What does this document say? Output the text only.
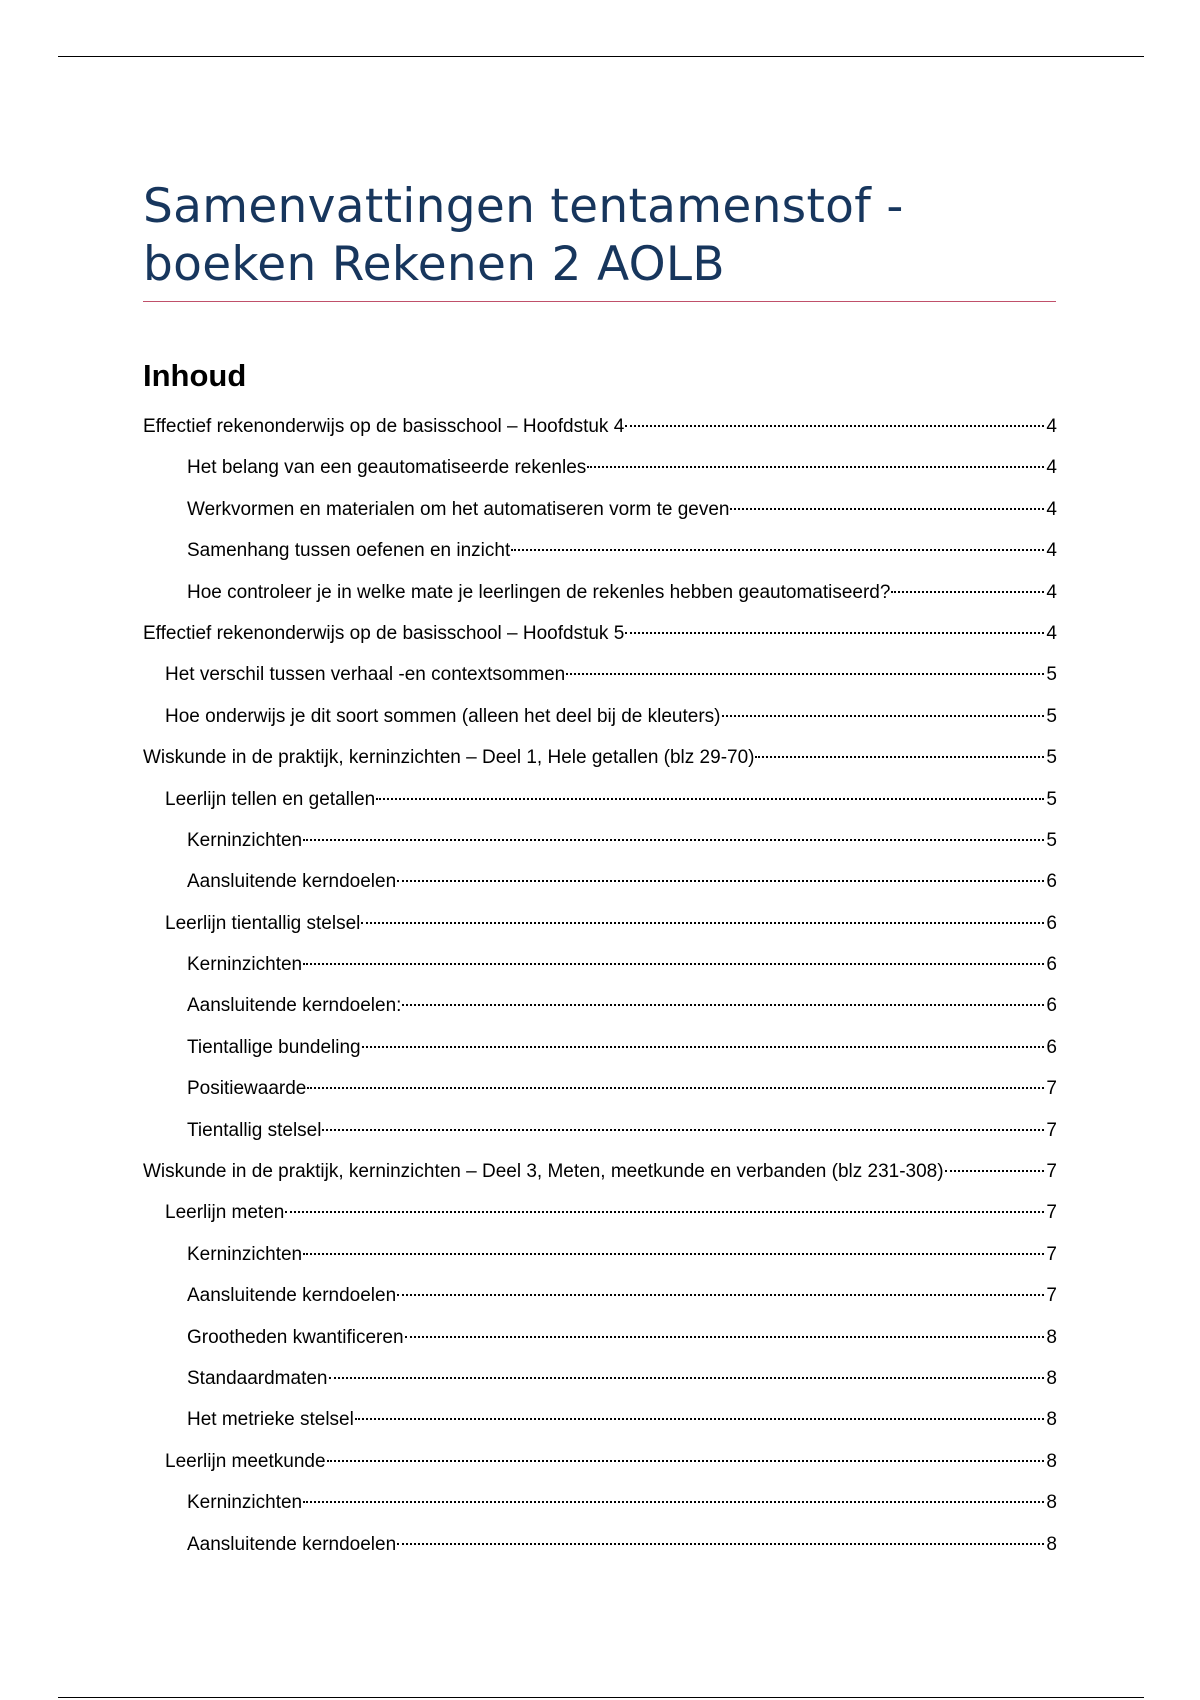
Samenvattingen tentamenstof -
boeken Rekenen 2 AOLB
Inhoud
Effectief rekenonderwijs op de basisschool – Hoofdstuk 4	4
Het belang van een geautomatiseerde rekenles	4
Werkvormen en materialen om het automatiseren vorm te geven	4
Samenhang tussen oefenen en inzicht	4
Hoe controleer je in welke mate je leerlingen de rekenles hebben geautomatiseerd?	4
Effectief rekenonderwijs op de basisschool – Hoofdstuk 5	4
Het verschil tussen verhaal -en contextsommen	5
Hoe onderwijs je dit soort sommen (alleen het deel bij de kleuters)	5
Wiskunde in de praktijk, kerninzichten – Deel 1, Hele getallen (blz 29-70)	5
Leerlijn tellen en getallen	5
Kerninzichten	5
Aansluitende kerndoelen	6
Leerlijn tientallig stelsel	6
Kerninzichten	6
Aansluitende kerndoelen:	6
Tientallige bundeling	6
Positiewaarde	7
Tientallig stelsel	7
Wiskunde in de praktijk, kerninzichten – Deel 3, Meten, meetkunde en verbanden (blz 231-308)	7
Leerlijn meten	7
Kerninzichten	7
Aansluitende kerndoelen	7
Grootheden kwantificeren	8
Standaardmaten	8
Het metrieke stelsel	8
Leerlijn meetkunde	8
Kerninzichten	8
Aansluitende kerndoelen	8
